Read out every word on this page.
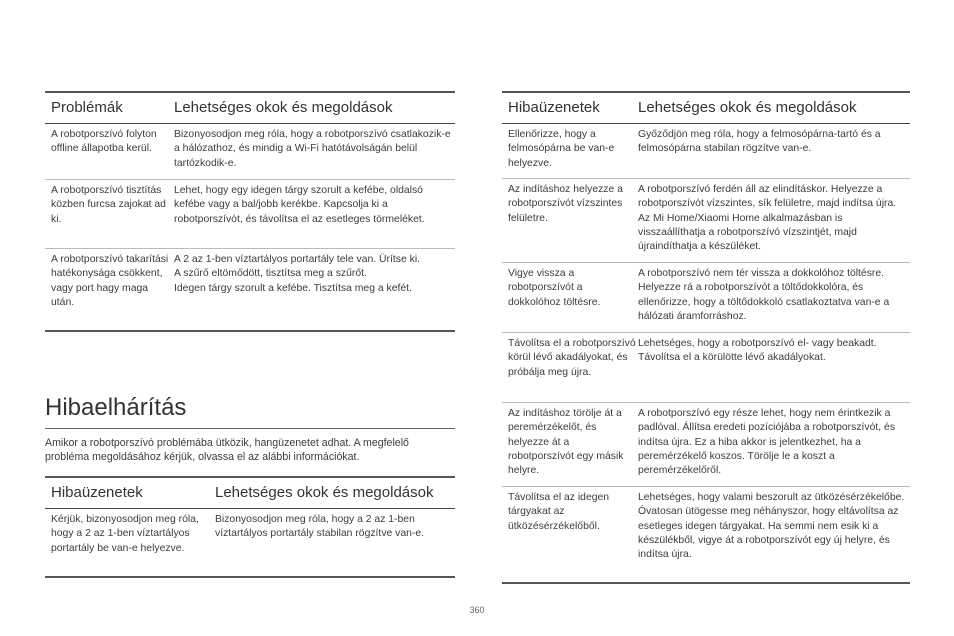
Problémák	Lehetséges okok és megoldások
A robotporszívó folyton offline állapotba kerül.	Bizonyosodjon meg róla, hogy a robotporszívó csatlakozik-e a hálózathoz, és mindig a Wi-Fi hatótávolságán belül tartózkodik-e.
A robotporszívó tisztítás közben furcsa zajokat ad ki.	Lehet, hogy egy idegen tárgy szorult a kefébe, oldalsó kefébe vagy a bal/jobb kerékbe. Kapcsolja ki a robotporszívót, és távolítsa el az esetleges törmeléket.
A robotporszívó takarítási hatékonysága csökkent, vagy port hagy maga után.	A 2 az 1-ben víztartályos portartály tele van. Ürítse ki.
A szűrő eltömődött, tisztítsa meg a szűrőt.
Idegen tárgy szorult a kefébe. Tisztítsa meg a kefét.
Hibaelhárítás
Amikor a robotporszívó problémába ütközik, hangüzenetet adhat. A megfelelő probléma megoldásához kérjük, olvassa el az alábbi információkat.
Hibaüzenetek	Lehetséges okok és megoldások
Kérjük, bizonyosodjon meg róla, hogy a 2 az 1-ben víztartályos portartály be van-e helyezve.	Bizonyosodjon meg róla, hogy a 2 az 1-ben víztartályos portartály stabilan rögzítve van-e.
Hibaüzenetek	Lehetséges okok és megoldások
Ellenőrizze, hogy a felmosópárna be van-e helyezve.	Győződjön meg róla, hogy a felmosópárna-tartó és a felmosópárna stabilan rögzítve van-e.
Az indításhoz helyezze a robotporszívót vízszintes felületre.	A robotporszívó ferdén áll az elindításkor. Helyezze a robotporszívót vízszintes, sík felületre, majd indítsa újra. Az Mi Home/Xiaomi Home alkalmazásban is visszaállíthatja a robotporszívó vízszintjét, majd újraindíthatja a készüléket.
Vigye vissza a robotporszívót a dokkolóhoz töltésre.	A robotporszívó nem tér vissza a dokkolóhoz töltésre. Helyezze rá a robotporszívót a töltődokkolóra, és ellenőrizze, hogy a töltődokkoló csatlakoztatva van-e a hálózati áramforráshoz.
Távolítsa el a robotporszívó körül lévő akadályokat, és próbálja meg újra.	Lehetséges, hogy a robotporszívó el- vagy beakadt. Távolítsa el a körülötte lévő akadályokat.
Az indításhoz törölje át a peremérzékelőt, és helyezze át a robotporszívót egy másik helyre.	A robotporszívó egy része lehet, hogy nem érintkezik a padlóval. Állítsa eredeti pozíciójába a robotporszívót, és indítsa újra. Ez a hiba akkor is jelentkezhet, ha a peremérzékelő koszos. Törölje le a koszt a peremérzékelőről.
Távolítsa el az idegen tárgyakat az ütközésérzékelőből.	Lehetséges, hogy valami beszorult az ütközésérzékelőbe. Óvatosan ütögesse meg néhányszor, hogy eltávolítsa az esetleges idegen tárgyakat. Ha semmi nem esik ki a készülékből, vigye át a robotporszívót egy új helyre, és indítsa újra.
360
